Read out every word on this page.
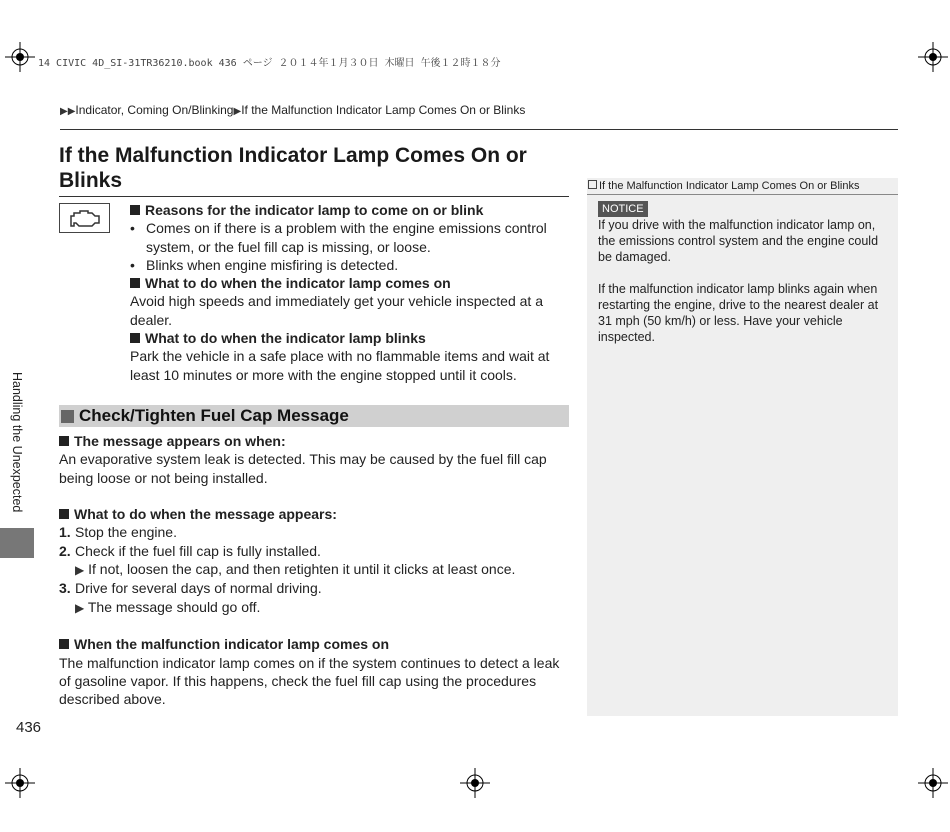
14 CIVIC 4D_SI-31TR36210.book 436 ページ ２０１４年１月３０日 木曜日 午後１２時１８分
▶▶Indicator, Coming On/Blinking▶If the Malfunction Indicator Lamp Comes On or Blinks
If the Malfunction Indicator Lamp Comes On or Blinks
Reasons for the indicator lamp to come on or blink
• Comes on if there is a problem with the engine emissions control system, or the fuel fill cap is missing, or loose.
• Blinks when engine misfiring is detected.
What to do when the indicator lamp comes on
Avoid high speeds and immediately get your vehicle inspected at a dealer.
What to do when the indicator lamp blinks
Park the vehicle in a safe place with no flammable items and wait at least 10 minutes or more with the engine stopped until it cools.
Check/Tighten Fuel Cap Message
The message appears on when:
An evaporative system leak is detected. This may be caused by the fuel fill cap being loose or not being installed.
What to do when the message appears:
1. Stop the engine.
2. Check if the fuel fill cap is fully installed.
▶ If not, loosen the cap, and then retighten it until it clicks at least once.
3. Drive for several days of normal driving.
▶ The message should go off.
When the malfunction indicator lamp comes on
The malfunction indicator lamp comes on if the system continues to detect a leak of gasoline vapor. If this happens, check the fuel fill cap using the procedures described above.
If the Malfunction Indicator Lamp Comes On or Blinks
NOTICE
If you drive with the malfunction indicator lamp on, the emissions control system and the engine could be damaged.
If the malfunction indicator lamp blinks again when restarting the engine, drive to the nearest dealer at 31 mph (50 km/h) or less. Have your vehicle inspected.
Handling the Unexpected
436
